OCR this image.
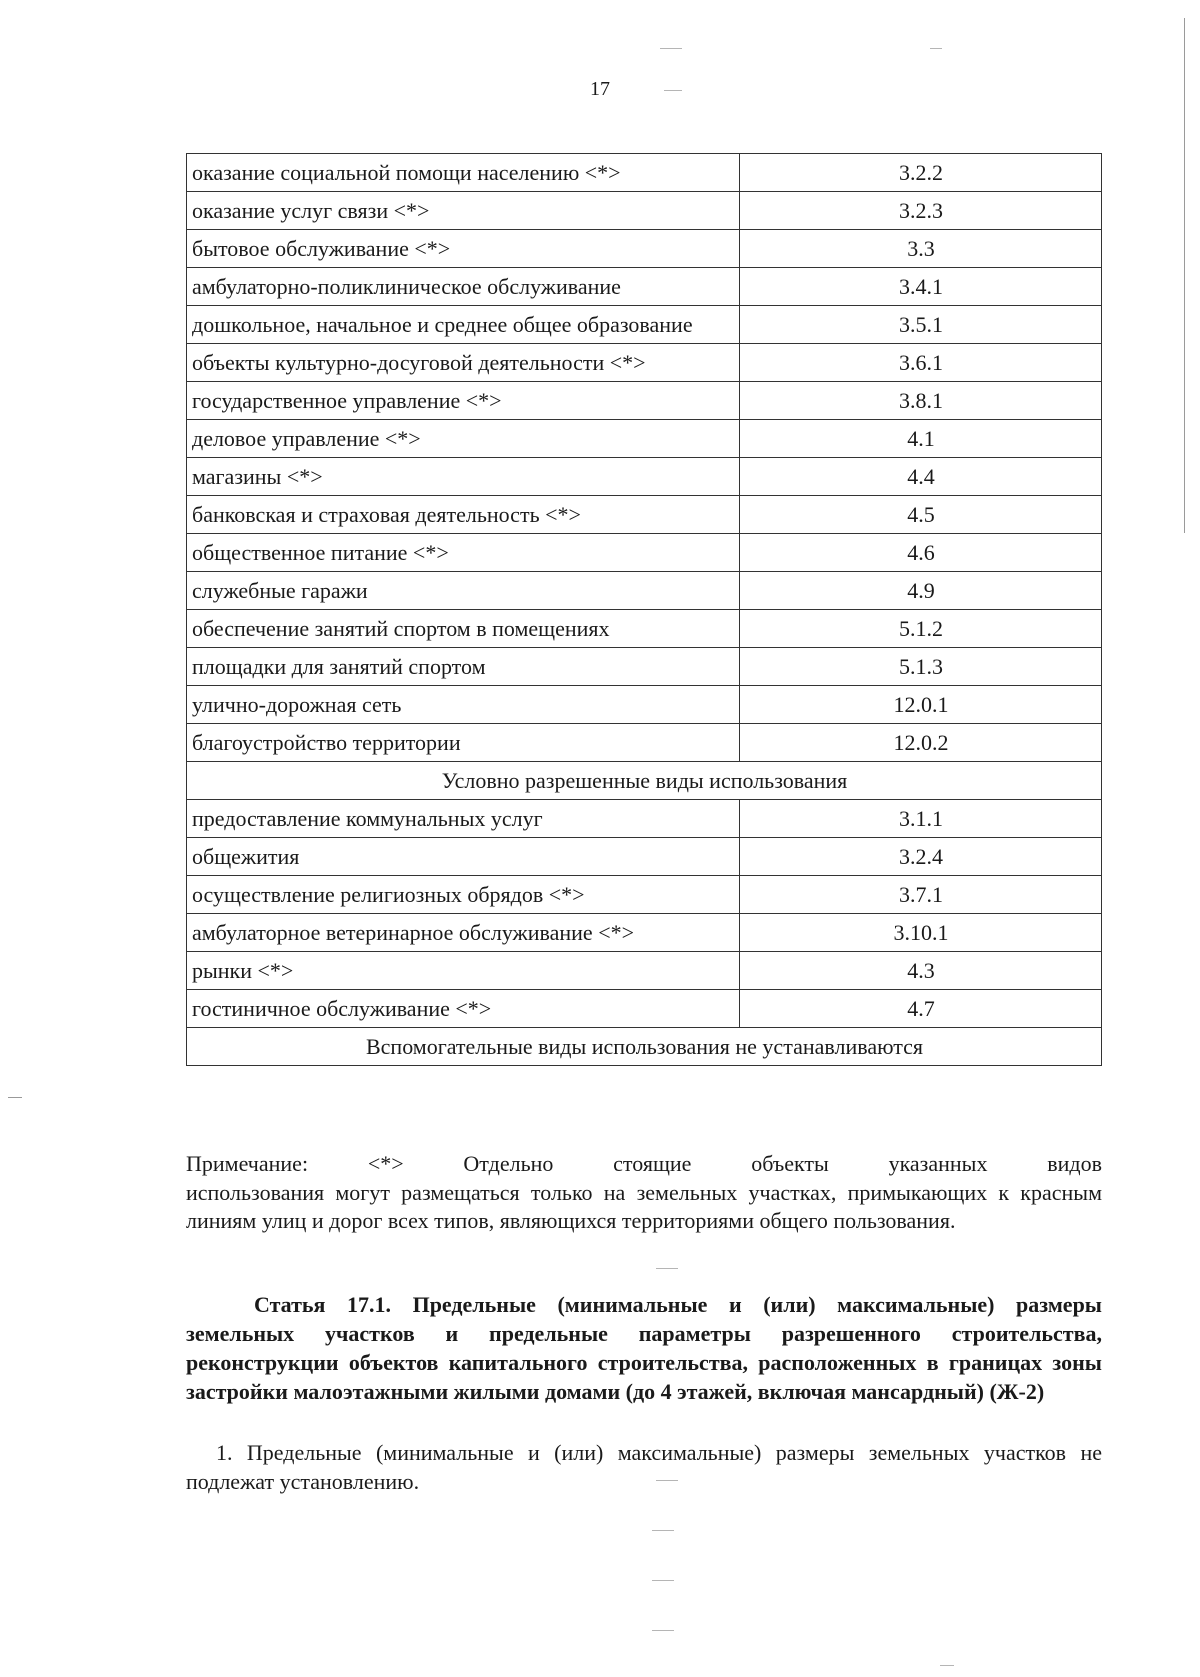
17
оказание социальной помощи населению <*>	3.2.2
оказание услуг связи <*>	3.2.3
бытовое обслуживание <*>	3.3
амбулаторно-поликлиническое обслуживание	3.4.1
дошкольное, начальное и среднее общее образование	3.5.1
объекты культурно-досуговой деятельности <*>	3.6.1
государственное управление <*>	3.8.1
деловое управление <*>	4.1
магазины <*>	4.4
банковская и страховая деятельность <*>	4.5
общественное питание <*>	4.6
служебные гаражи	4.9
обеспечение занятий спортом в помещениях	5.1.2
площадки для занятий спортом	5.1.3
улично-дорожная сеть	12.0.1
благоустройство территории	12.0.2
Условно разрешенные виды использования	
предоставление коммунальных услуг	3.1.1
общежития	3.2.4
осуществление религиозных обрядов <*>	3.7.1
амбулаторное ветеринарное обслуживание <*>	3.10.1
рынки <*>	4.3
гостиничное обслуживание <*>	4.7
Вспомогательные виды использования не устанавливаются	
Примечание: <*> Отдельно стоящие объекты указанных видовиспользования могут размещаться только на земельных участках, примыкающих к красным линиям улиц и дорог всех типов, являющихся территориями общего пользования.
Статья 17.1. Предельные (минимальные и (или) максимальные) размеры земельных участков и предельные параметры разрешенного строительства, реконструкции объектов капитального строительства, расположенных в границах зоны застройки малоэтажными жилыми домами (до 4 этажей, включая мансардный) (Ж-2)
1. Предельные (минимальные и (или) максимальные) размеры земельных участков не подлежат установлению.
